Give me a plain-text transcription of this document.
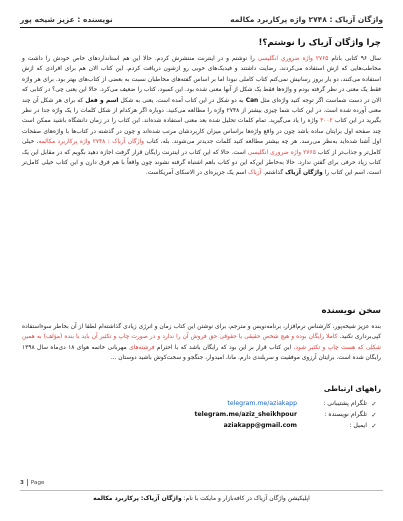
واژگان آزیاک : ۲۷۴۸ واژه پرکاربرد مکالمه
نویسنده : عزیز شیخه پور
چرا واژگان آزیاک را نوشتم؟!

سال ۹۶ کتابی بانام ۲۷۶۵ واژه ضروری انگلیسی را نوشتم و در اینترنت منتشرش کردم. حالا این هم استانداردهای خاص خودش را داشت و مخاطب‌هایی که ازش استفاده می‌کردند، رضایت داشتند و فیدبک‌های خوبی رو ازشون دریافت کردم. این کتاب الان هم برای افرادی که ازش استفاده می‌کنند، دو بار بروز رسانیش نمی‌کنم کتاب کاملی نبودا اما بر اساس گفته‌های مخاطبان نسبت به بعضی از کتاب‌های بهتر بود. برای هر واژه فقط یک معنی در نظر گرفته بودم و واژه‌ها فقط یک شکل از آنها معنی شده بود. این کمبود، کتاب را ضعیف می‌کرد. حالا این یعنی چی؟ در کتابی که الان در دست شماست اگر توجه کنید واژه‌ای مثل Can به دو شکل در این کتاب آمده است. یعنی به شکل اسم و فعل که برای هر شکل آن چند معنی آورده شده است. در این کتاب شما چیزی بیشتر از ۲۷۴۸ واژه را مطالعه می‌کنید. دوباره اگر هرکدام از شکل کلمات را یک واژه جدا در نظر بگیرید در این کتاب ۳۰۰۲ واژه را یاد می‌گیرید. تمام کلمات تحلیل شده بعد معنی استفاده شده‌اند. این کتاب را در زمان دانشگاه باشید ممکن است چند صفحه اول برایتان ساده باشد چون در واقع واژه‌ها براساس میزان کاربردشان مرتب شده‌اند و چون در گذشته در کتاب‌ها با واژه‌های صفحات اول آشنا شده‌اید به‌نظر می‌رسد. هر چه بیشتر مطالعه کنید کلمات جدیدتر می‌شوند. بله، کتاب واژگان آزیاک : ۲۷۴۸ واژه پرکاربرد مکالمه، خیلی کامل‌تر و جذاب‌تر از کتاب ۲۷۶۵ واژه ضروری انگلیسی است. حالا که این کتاب در اینترنت رایگان قرار گرفت اجازه دهید بگویم که در مقابل این یک کتاب زیاد حرفی برای گفتن ندارد. حالا به‌خاطر این‌که این دو کتاب باهم اشتباه گرفته نشوند چون واقعاً با هم فرق دارن و این کتاب خیلی کامل‌تر است، اسم این کتاب را واژگان آزیاک گذاشتم. آزیاک اسم یک جزیره‌ای در الاسکای آمریکاست.

سخن نویسنده

بنده عزیز شیخه‌پور، کارشناس نرم‌افزار، برنامه‌نویس و مترجم، برای نوشتن این کتاب زمان و انرژی زیادی گذاشته‌ام لطفا از آن بخاطر سوءاستفاده کپی‌برداری نکنید. کاملا رایگان بوده و هیچ شخص حقیقی یا حقوقی حق فروش آن را ندارد و در صورت چاپ و تکثیر آن باید با بنده (مؤلف) به همین شکلی که هست چاپ و تکثیر شود. این کتاب قرار بر این بود که رایگان باشد که با احترام فرشته‌های مهربانی خاتمه هوای ۱۸ دی‌ماه سال ۱۳۹۸ رایگان شده است. برایتان آرزوی موفقیت و سربلندی دارم. مانا، امیدوار، جنگجو و سخت‌کوش باشید دوستان ...

راههای ارتباطی
✓
تلگرام پشتیبانی :
telegram.me/aziakapp
✓
تلگرام نویسنده :
telegram.me/aziz_sheikhpour
✓
ایمیل :
aziakapp@gmail.com
3 Page
اپلیکیشن واژگان آزیاک در کافه‌بازار و مایکت با نام: واژگان آزیاک: پرکاربرد مکالمه
